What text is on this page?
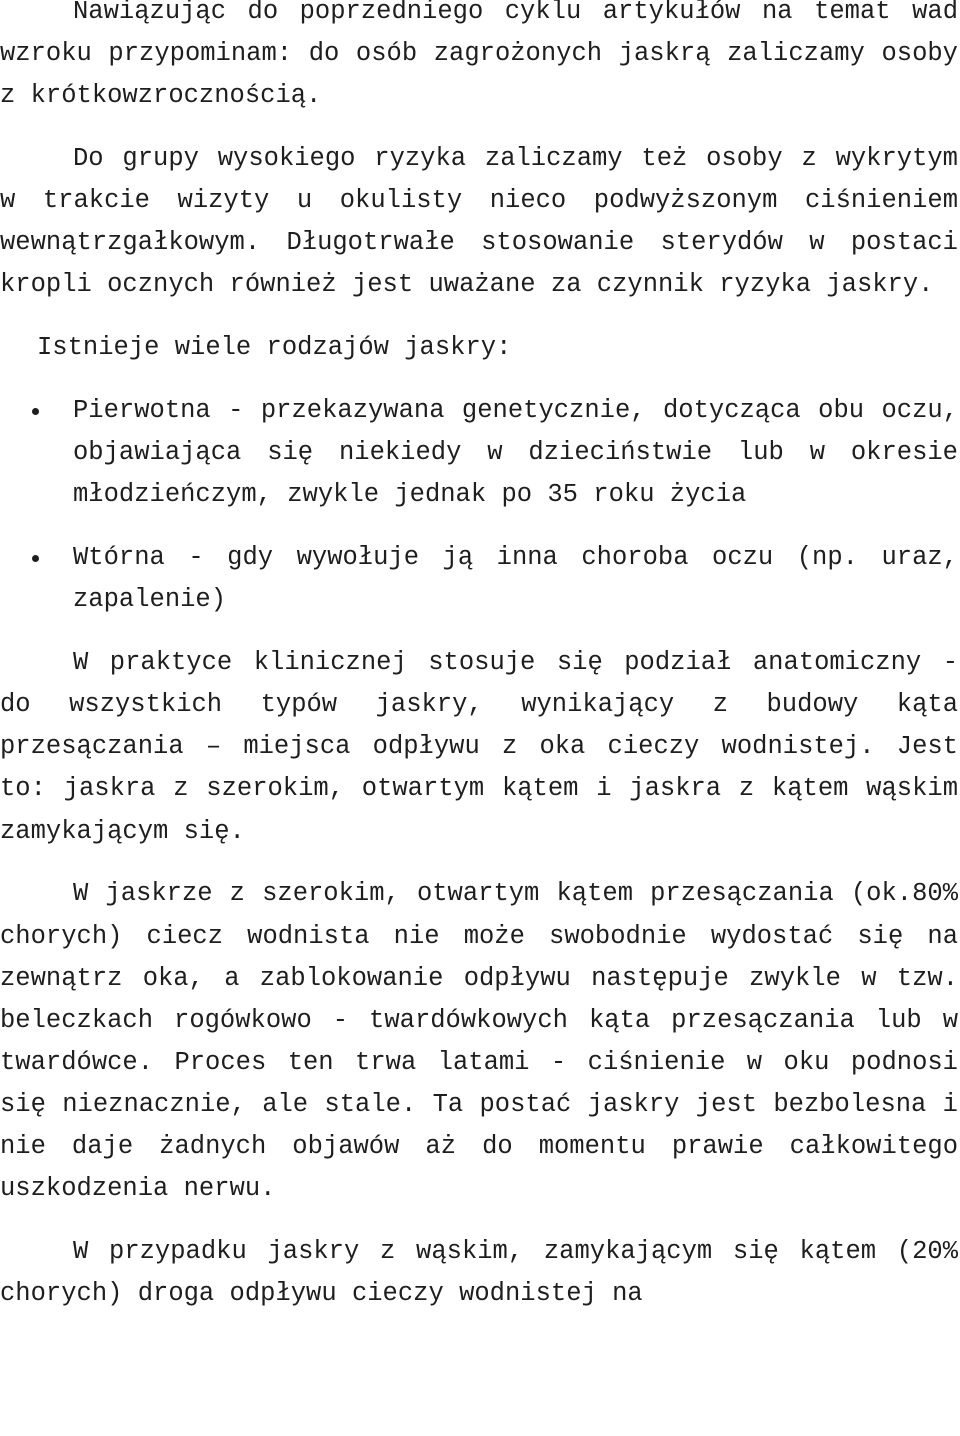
Nawiązując do poprzedniego cyklu artykułów na temat wad wzroku przypominam: do osób zagrożonych jaskrą zaliczamy osoby z krótkowzrocznością.

Do grupy wysokiego ryzyka zaliczamy też osoby z wykrytym w trakcie wizyty u okulisty nieco podwyższonym ciśnieniem wewnątrzgałkowym. Długotrwałe stosowanie sterydów w postaci kropli ocznych również jest uważane za czynnik ryzyka jaskry.

Istnieje wiele rodzajów jaskry:

Pierwotna - przekazywana genetycznie, dotycząca obu oczu, objawiająca się niekiedy w dzieciństwie lub w okresie młodzieńczym, zwykle jednak po 35 roku życia
Wtórna - gdy wywołuje ją inna choroba oczu (np. uraz, zapalenie)

W praktyce klinicznej stosuje się podział anatomiczny - do wszystkich typów jaskry, wynikający z budowy kąta przesączania – miejsca odpływu z oka cieczy wodnistej. Jest to: jaskra z szerokim, otwartym kątem i jaskra z kątem wąskim zamykającym się.

W jaskrze z szerokim, otwartym kątem przesączania (ok.80% chorych) ciecz wodnista nie może swobodnie wydostać się na zewnątrz oka, a zablokowanie odpływu następuje zwykle w tzw. beleczkach rogówkowo - twardówkowych kąta przesączania lub w twardówce. Proces ten trwa latami - ciśnienie w oku podnosi się nieznacznie, ale stale. Ta postać jaskry jest bezbolesna i nie daje żadnych objawów aż do momentu prawie całkowitego uszkodzenia nerwu.

W przypadku jaskry z wąskim, zamykającym się kątem (20% chorych) droga odpływu cieczy wodnistej na
